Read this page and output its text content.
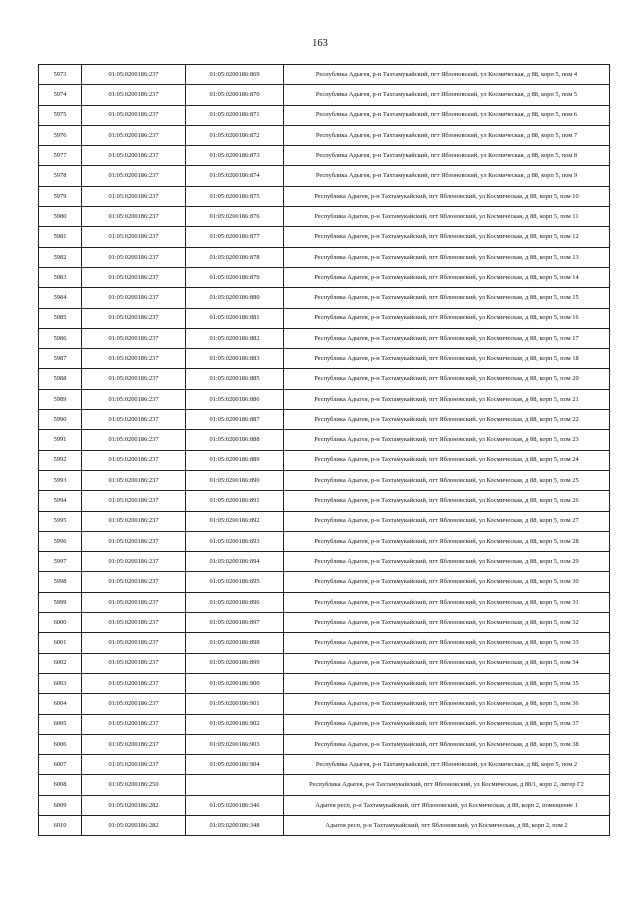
163
5973	01:05:0200186:237	01:05:0200186:869	Республика Адыгея, р-н Тахтамукайский, пгт Яблоновский, ул Космическая, д 88, корп 5, пом 4
5974	01:05:0200186:237	01:05:0200186:870	Республика Адыгея, р-н Тахтамукайский, пгт Яблоновский, ул Космическая, д 88, корп 5, пом 5
5975	01:05:0200186:237	01:05:0200186:871	Республика Адыгея, р-н Тахтамукайский, пгт Яблоновский, ул Космическая, д 88, корп 5, пом 6
5976	01:05:0200186:237	01:05:0200186:872	Республика Адыгея, р-н Тахтамукайский, пгт Яблоновский, ул Космическая, д 88, корп 5, пом 7
5977	01:05:0200186:237	01:05:0200186:873	Республика Адыгея, р-н Тахтамукайский, пгт Яблоновский, ул Космическая, д 88, корп 5, пом 8
5978	01:05:0200186:237	01:05:0200186:874	Республика Адыгея, р-н Тахтамукайский, пгт Яблоновский, ул Космическая, д 88, корп 5, пом 9
5979	01:05:0200186:237	01:05:0200186:875	Республика Адыгея, р-н Тахтамукайский, пгт Яблоновский, ул Космическая, д 88, корп 5, пом 10
5980	01:05:0200186:237	01:05:0200186:876	Республика Адыгея, р-н Тахтамукайский, пгт Яблоновский, ул Космическая, д 88, корп 5, пом 11
5981	01:05:0200186:237	01:05:0200186:877	Республика Адыгея, р-н Тахтамукайский, пгт Яблоновский, ул Космическая, д 88, корп 5, пом 12
5982	01:05:0200186:237	01:05:0200186:878	Республика Адыгея, р-н Тахтамукайский, пгт Яблоновский, ул Космическая, д 88, корп 5, пом 13
5983	01:05:0200186:237	01:05:0200186:879	Республика Адыгея, р-н Тахтамукайский, пгт Яблоновский, ул Космическая, д 88, корп 5, пом 14
5984	01:05:0200186:237	01:05:0200186:880	Республика Адыгея, р-н Тахтамукайский, пгт Яблоновский, ул Космическая, д 88, корп 5, пом 15
5985	01:05:0200186:237	01:05:0200186:881	Республика Адыгея, р-н Тахтамукайский, пгт Яблоновский, ул Космическая, д 88, корп 5, пом 16
5986	01:05:0200186:237	01:05:0200186:882	Республика Адыгея, р-н Тахтамукайский, пгт Яблоновский, ул Космическая, д 88, корп 5, пом 17
5987	01:05:0200186:237	01:05:0200186:883	Республика Адыгея, р-н Тахтамукайский, пгт Яблоновский, ул Космическая, д 88, корп 5, пом 18
5988	01:05:0200186:237	01:05:0200186:885	Республика Адыгея, р-н Тахтамукайский, пгт Яблоновский, ул Космическая, д 88, корп 5, пом 20
5989	01:05:0200186:237	01:05:0200186:886	Республика Адыгея, р-н Тахтамукайский, пгт Яблоновский, ул Космическая, д 88, корп 5, пом 21
5990	01:05:0200186:237	01:05:0200186:887	Республика Адыгея, р-н Тахтамукайский, пгт Яблоновский, ул Космическая, д 88, корп 5, пом 22
5991	01:05:0200186:237	01:05:0200186:888	Республика Адыгея, р-н Тахтамукайский, пгт Яблоновский, ул Космическая, д 88, корп 5, пом 23
5992	01:05:0200186:237	01:05:0200186:889	Республика Адыгея, р-н Тахтамукайский, пгт Яблоновский, ул Космическая, д 88, корп 5, пом 24
5993	01:05:0200186:237	01:05:0200186:890	Республика Адыгея, р-н Тахтамукайский, пгт Яблоновский, ул Космическая, д 88, корп 5, пом 25
5994	01:05:0200186:237	01:05:0200186:891	Республика Адыгея, р-н Тахтамукайский, пгт Яблоновский, ул Космическая, д 88, корп 5, пом 26
5995	01:05:0200186:237	01:05:0200186:892	Республика Адыгея, р-н Тахтамукайский, пгт Яблоновский, ул Космическая, д 88, корп 5, пом 27
5996	01:05:0200186:237	01:05:0200186:893	Республика Адыгея, р-н Тахтамукайский, пгт Яблоновский, ул Космическая, д 88, корп 5, пом 28
5997	01:05:0200186:237	01:05:0200186:894	Республика Адыгея, р-н Тахтамукайский, пгт Яблоновский, ул Космическая, д 88, корп 5, пом 29
5998	01:05:0200186:237	01:05:0200186:895	Республика Адыгея, р-н Тахтамукайский, пгт Яблоновский, ул Космическая, д 88, корп 5, пом 30
5999	01:05:0200186:237	01:05:0200186:896	Республика Адыгея, р-н Тахтамукайский, пгт Яблоновский, ул Космическая, д 88, корп 5, пом 31
6000	01:05:0200186:237	01:05:0200186:897	Республика Адыгея, р-н Тахтамукайский, пгт Яблоновский, ул Космическая, д 88, корп 5, пом 32
6001	01:05:0200186:237	01:05:0200186:898	Республика Адыгея, р-н Тахтамукайский, пгт Яблоновский, ул Космическая, д 88, корп 5, пом 33
6002	01:05:0200186:237	01:05:0200186:899	Республика Адыгея, р-н Тахтамукайский, пгт Яблоновский, ул Космическая, д 88, корп 5, пом 34
6003	01:05:0200186:237	01:05:0200186:900	Республика Адыгея, р-н Тахтамукайский, пгт Яблоновский, ул Космическая, д 88, корп 5, пом 35
6004	01:05:0200186:237	01:05:0200186:901	Республика Адыгея, р-н Тахтамукайский, пгт Яблоновский, ул Космическая, д 88, корп 5, пом 36
6005	01:05:0200186:237	01:05:0200186:902	Республика Адыгея, р-н Тахтамукайский, пгт Яблоновский, ул Космическая, д 88, корп 5, пом 37
6006	01:05:0200186:237	01:05:0200186:903	Республика Адыгея, р-н Тахтамукайский, пгт Яблоновский, ул Космическая, д 88, корп 5, пом 38
6007	01:05:0200186:237	01:05:0200186:904	Республика Адыгея, р-н Тахтамукайский, пгт Яблоновский, ул Космическая, д 88, корп 5, пом 2
6008	01:05:0200186:250		Республика Адыгея, р-н Тахтамукайский, пгт Яблоновский, ул Космическая, д 88/1, корп 2, литер Г2
6009	01:05:0200186:282	01:05:0200186:346	Адыгея респ, р-н Тахтамукайский, пгт Яблоновский, ул Космическая, д 88, корп 2, помещение 1
6010	01:05:0200186:282	01:05:0200186:348	Адыгея респ, р-н Тахтамукайский, пгт Яблоновский, ул Космическая, д 88, корп 2, пом 2
